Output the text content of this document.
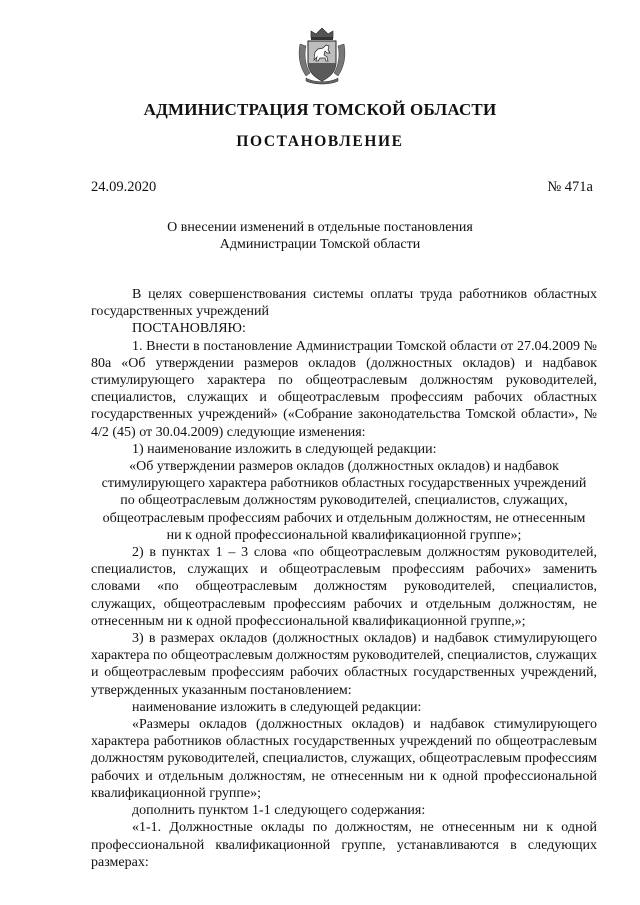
АДМИНИСТРАЦИЯ ТОМСКОЙ ОБЛАСТИ
ПОСТАНОВЛЕНИЕ
24.09.2020	№ 471а
О внесении изменений в отдельные постановления
Администрации Томской области

В целях совершенствования системы оплаты труда работников областных государственных учреждений

ПОСТАНОВЛЯЮ:

1. Внести в постановление Администрации Томской области от 27.04.2009 № 80а «Об утверждении размеров окладов (должностных окладов) и надбавок стимулирующего характера по общеотраслевым должностям руководителей, специалистов, служащих и общеотраслевым профессиям рабочих областных государственных учреждений» («Собрание законодательства Томской области», № 4/2 (45) от 30.04.2009) следующие изменения:

1) наименование изложить в следующей редакции:

«Об утверждении размеров окладов (должностных окладов) и надбавок

стимулирующего характера работников областных государственных учреждений

по общеотраслевым должностям руководителей, специалистов, служащих,

общеотраслевым профессиям рабочих и отдельным должностям, не отнесенным

ни к одной профессиональной квалификационной группе»;

2) в пунктах 1 – 3 слова «по общеотраслевым должностям руководителей, специалистов, служащих и общеотраслевым профессиям рабочих» заменить словами «по общеотраслевым должностям руководителей, специалистов, служащих, общеотраслевым профессиям рабочих и отдельным должностям, не отнесенным ни к одной профессиональной квалификационной группе,»;

3) в размерах окладов (должностных окладов) и надбавок стимулирующего характера по общеотраслевым должностям руководителей, специалистов, служащих и общеотраслевым профессиям рабочих областных государственных учреждений, утвержденных указанным постановлением:

наименование изложить в следующей редакции:

«Размеры окладов (должностных окладов) и надбавок стимулирующего характера работников областных государственных учреждений по общеотраслевым должностям руководителей, специалистов, служащих, общеотраслевым профессиям рабочих и отдельным должностям, не отнесенным ни к одной профессиональной квалификационной группе»;

дополнить пунктом 1-1 следующего содержания:

«1-1. Должностные оклады по должностям, не отнесенным ни к одной профессиональной квалификационной группе, устанавливаются в следующих размерах:
